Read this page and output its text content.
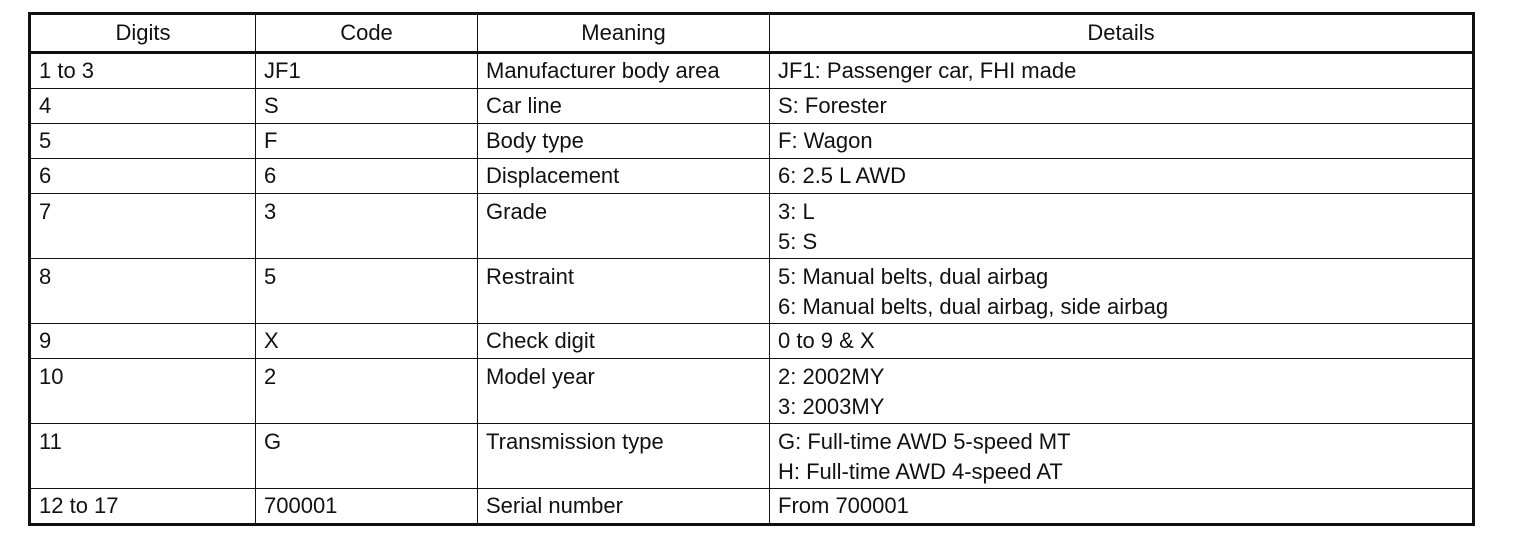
Digits	Code	Meaning	Details
1 to 3	JF1	Manufacturer body area	JF1: Passenger car, FHI made

4	S	Car line	S: Forester

5	F	Body type	F: Wagon

6	6	Displacement	6: 2.5 L AWD

7	3	Grade	3: L
5: S

8	5	Restraint	5: Manual belts, dual airbag
6: Manual belts, dual airbag, side airbag

9	X	Check digit	0 to 9 & X

10	2	Model year	2: 2002MY
3: 2003MY

11	G	Transmission type	G: Full-time AWD 5-speed MT
H: Full-time AWD 4-speed AT

12 to 17	700001	Serial number	From 700001
